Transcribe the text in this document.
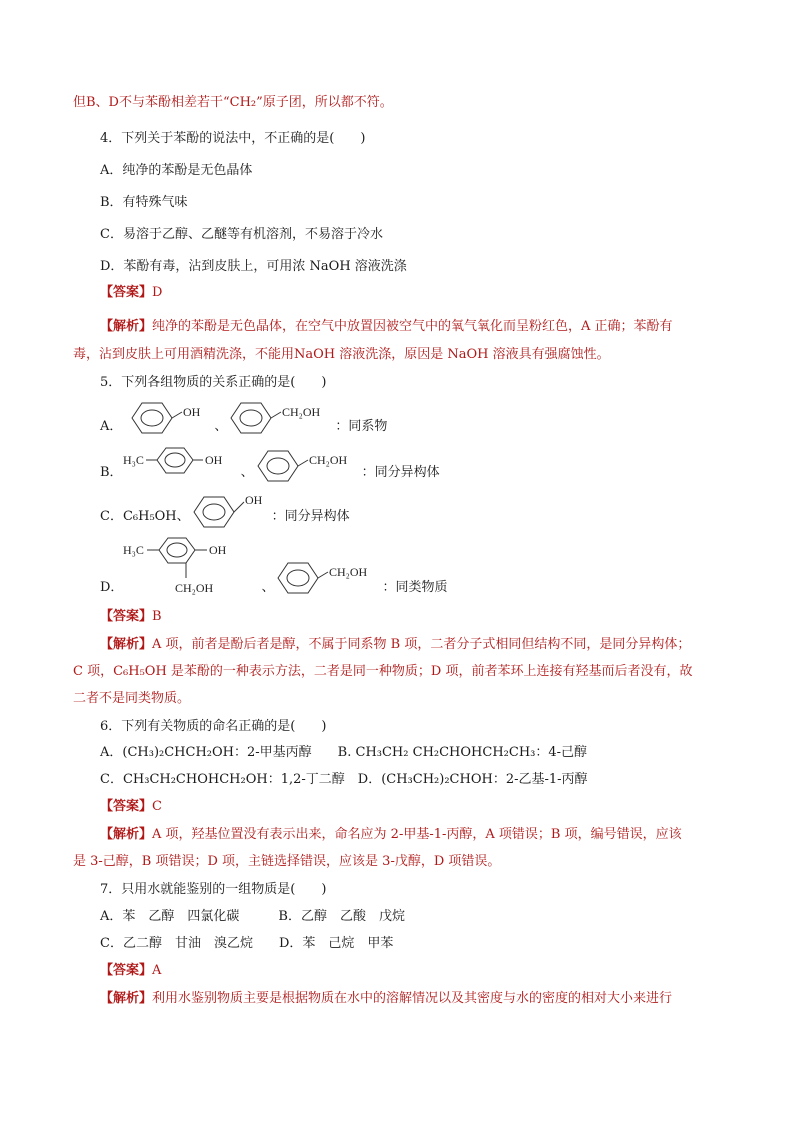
但B、D不与苯酚相差若干“CH₂”原子团，所以都不符。
4．下列关于苯酚的说法中，不正确的是(　　)
A．纯净的苯酚是无色晶体
B．有特殊气味
C．易溶于乙醇、乙醚等有机溶剂，不易溶于冷水
D．苯酚有毒，沾到皮肤上，可用浓 NaOH 溶液洗涤
【答案】D
【解析】纯净的苯酚是无色晶体，在空气中放置因被空气中的氧气氧化而呈粉红色，A 正确；苯酚有
毒，沾到皮肤上可用酒精洗涤，不能用NaOH 溶液洗涤，原因是 NaOH 溶液具有强腐蚀性。
5．下列各组物质的关系正确的是(　　)
A．
OH
、
CH₂OH
：同系物
B．
H₃C	OH
、
CH₂OH
：同分异构体
C．C₆H₅OH、
OH
：同分异构体
D．
H₃C	OH
CH₂OH	、
CH₂OH
：同类物质
【答案】B
【解析】A 项，前者是酚后者是醇，不属于同系物 B 项，二者分子式相同但结构不同，是同分异构体；
C 项，C₆H₅OH 是苯酚的一种表示方法，二者是同一种物质；D 项，前者苯环上连接有羟基而后者没有，故
二者不是同类物质。
6．下列有关物质的命名正确的是(　　)
A．(CH₃)₂CHCH₂OH：2-甲基丙醇　　B. CH₃CH₂ CH₂CHOHCH₂CH₃：4-己醇
C．CH₃CH₂CHOHCH₂OH：1,2-丁二醇　D．(CH₃CH₂)₂CHOH：2-乙基-1-丙醇
【答案】C
【解析】A 项，羟基位置没有表示出来，命名应为 2-甲基-1-丙醇，A 项错误；B 项，编号错误，应该
是 3-己醇，B 项错误；D 项，主链选择错误，应该是 3-戊醇，D 项错误。
7．只用水就能鉴别的一组物质是(　　)
A．苯　乙醇　四氯化碳　　　B．乙醇　乙酸　戊烷
C．乙二醇　甘油　溴乙烷　　D．苯　己烷　甲苯
【答案】A
【解析】利用水鉴别物质主要是根据物质在水中的溶解情况以及其密度与水的密度的相对大小来进行
